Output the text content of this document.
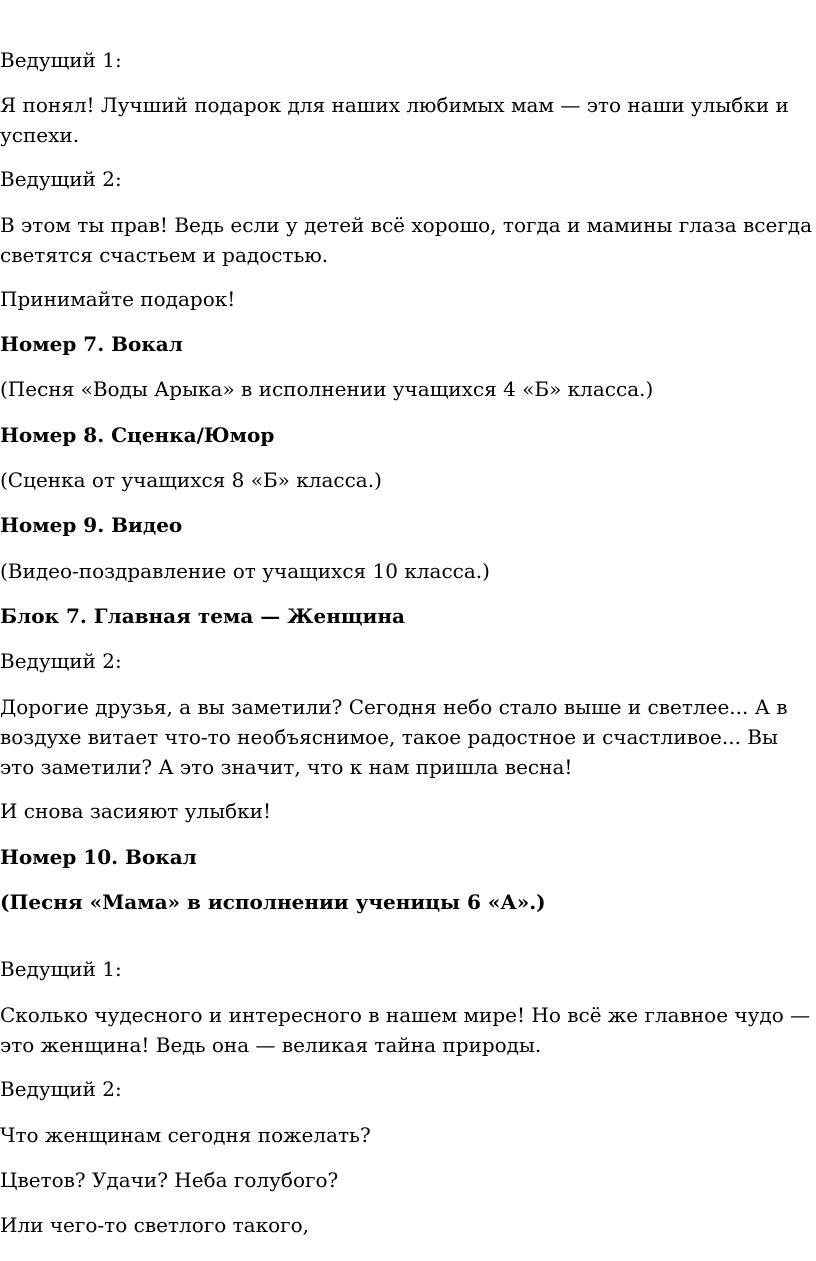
Ведущий 1:

Я понял! Лучший подарок для наших любимых мам — это наши улыбки и успехи.

Ведущий 2:

В этом ты прав! Ведь если у детей всё хорошо, тогда и мамины глаза всегда светятся счастьем и радостью.

Принимайте подарок!

Номер 7. Вокал

(Песня «Воды Арыка» в исполнении учащихся 4 «Б» класса.)

Номер 8. Сценка/Юмор

(Сценка от учащихся 8 «Б» класса.)

Номер 9. Видео

(Видео-поздравление от учащихся 10 класса.)

Блок 7. Главная тема — Женщина

Ведущий 2:

Дорогие друзья, а вы заметили? Сегодня небо стало выше и светлее... А в воздухе витает что-то необъяснимое, такое радостное и счастливое... Вы это заметили? А это значит, что к нам пришла весна!

И снова засияют улыбки!

Номер 10. Вокал

(Песня «Мама» в исполнении ученицы 6 «А».)

Ведущий 1:

Сколько чудесного и интересного в нашем мире! Но всё же главное чудо — это женщина! Ведь она — великая тайна природы.

Ведущий 2:

Что женщинам сегодня пожелать?

Цветов? Удачи? Неба голубого?

Или чего-то светлого такого,
